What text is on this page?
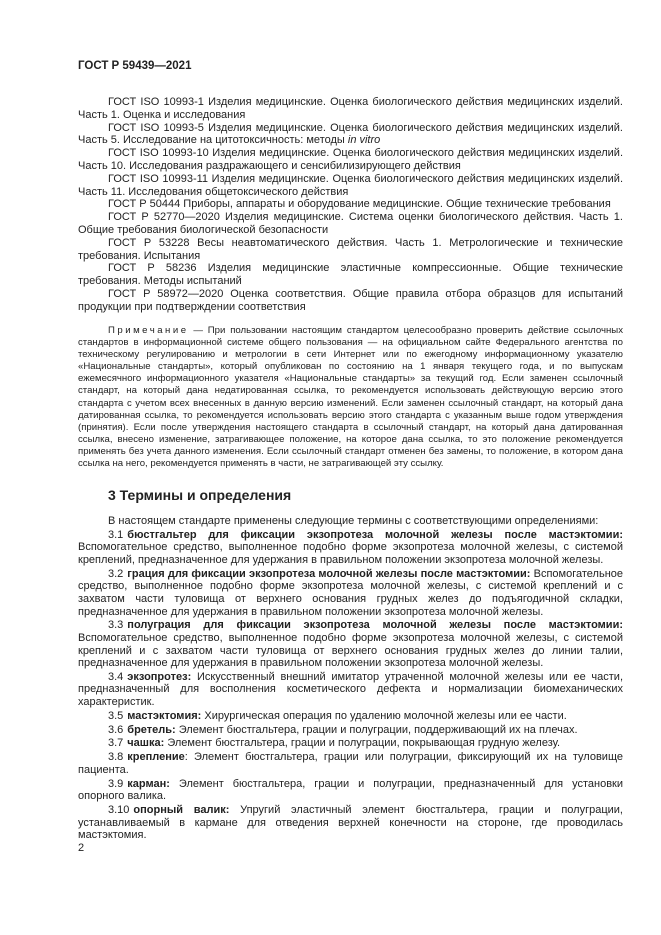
ГОСТ Р 59439—2021

ГОСТ ISO 10993-1 Изделия медицинские. Оценка биологического действия медицинских изделий. Часть 1. Оценка и исследования

ГОСТ ISO 10993-5 Изделия медицинские. Оценка биологического действия медицинских изделий. Часть 5. Исследование на цитотоксичность: методы in vitro

ГОСТ ISO 10993-10 Изделия медицинские. Оценка биологического действия медицинских изделий. Часть 10. Исследования раздражающего и сенсибилизирующего действия

ГОСТ ISO 10993-11 Изделия медицинские. Оценка биологического действия медицинских изделий. Часть 11. Исследования общетоксического действия

ГОСТ Р 50444 Приборы, аппараты и оборудование медицинские. Общие технические требования

ГОСТ Р 52770—2020 Изделия медицинские. Система оценки биологического действия. Часть 1. Общие требования биологической безопасности

ГОСТ Р 53228 Весы неавтоматического действия. Часть 1. Метрологические и технические требования. Испытания

ГОСТ Р 58236 Изделия медицинские эластичные компрессионные. Общие технические требования. Методы испытаний

ГОСТ Р 58972—2020 Оценка соответствия. Общие правила отбора образцов для испытаний продукции при подтверждении соответствия

Примечание — При пользовании настоящим стандартом целесообразно проверить действие ссылочных стандартов в информационной системе общего пользования — на официальном сайте Федерального агентства по техническому регулированию и метрологии в сети Интернет или по ежегодному информационному указателю «Национальные стандарты», который опубликован по состоянию на 1 января текущего года, и по выпускам ежемесячного информационного указателя «Национальные стандарты» за текущий год. Если заменен ссылочный стандарт, на который дана недатированная ссылка, то рекомендуется использовать действующую версию этого стандарта с учетом всех внесенных в данную версию изменений. Если заменен ссылочный стандарт, на который дана датированная ссылка, то рекомендуется использовать версию этого стандарта с указанным выше годом утверждения (принятия). Если после утверждения настоящего стандарта в ссылочный стандарт, на который дана датированная ссылка, внесено изменение, затрагивающее положение, на которое дана ссылка, то это положение рекомендуется применять без учета данного изменения. Если ссылочный стандарт отменен без замены, то положение, в котором дана ссылка на него, рекомендуется применять в части, не затрагивающей эту ссылку.

3 Термины и определения

В настоящем стандарте применены следующие термины с соответствующими определениями:

3.1 бюстгальтер для фиксации экзопротеза молочной железы после мастэктомии: Вспомогательное средство, выполненное подобно форме экзопротеза молочной железы, с системой креплений, предназначенное для удержания в правильном положении экзопротеза молочной железы.

3.2 грация для фиксации экзопротеза молочной железы после мастэктомии: Вспомогательное средство, выполненное подобно форме экзопротеза молочной железы, с системой креплений и с захватом части туловища от верхнего основания грудных желез до подъягодичной складки, предназначенное для удержания в правильном положении экзопротеза молочной железы.

3.3 полуграция для фиксации экзопротеза молочной железы после мастэктомии: Вспомогательное средство, выполненное подобно форме экзопротеза молочной железы, с системой креплений и с захватом части туловища от верхнего основания грудных желез до линии талии, предназначенное для удержания в правильном положении экзопротеза молочной железы.

3.4 экзопротез: Искусственный внешний имитатор утраченной молочной железы или ее части, предназначенный для восполнения косметического дефекта и нормализации биомеханических характеристик.

3.5 мастэктомия: Хирургическая операция по удалению молочной железы или ее части.

3.6 бретель: Элемент бюстгальтера, грации и полуграции, поддерживающий их на плечах.

3.7 чашка: Элемент бюстгальтера, грации и полуграции, покрывающая грудную железу.

3.8 крепление: Элемент бюстгальтера, грации или полуграции, фиксирующий их на туловище пациента.

3.9 карман: Элемент бюстгальтера, грации и полуграции, предназначенный для установки опорного валика.

3.10 опорный валик: Упругий эластичный элемент бюстгальтера, грации и полуграции, устанавливаемый в кармане для отведения верхней конечности на стороне, где проводилась мастэктомия.

2
